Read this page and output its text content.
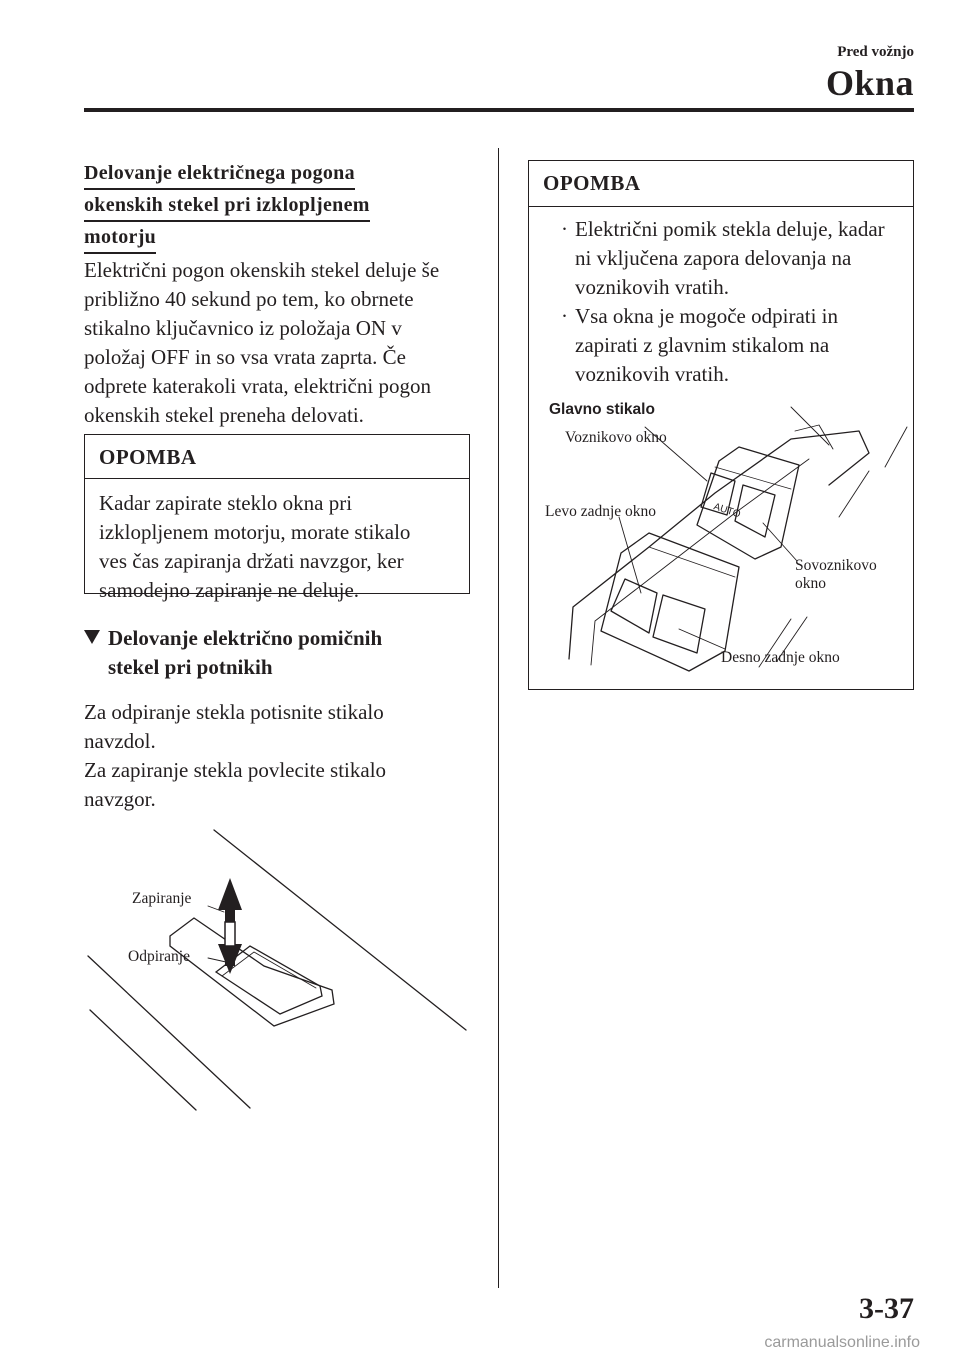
Pred vožnjo
Okna
Delovanje električnega pogona
okenskih stekel pri izklopljenem
motorju
Električni pogon okenskih stekel deluje še
približno 40 sekund po tem, ko obrnete
stikalno ključavnico iz položaja ON v
položaj OFF in so vsa vrata zaprta. Če
odprete katerakoli vrata, električni pogon
okenskih stekel preneha delovati.
OPOMBA
Kadar zapirate steklo okna pri
izklopljenem motorju, morate stikalo
ves čas zapiranja držati navzgor, ker
samodejno zapiranje ne deluje.
Delovanje električno pomičnih
stekel pri potnikih
Za odpiranje stekla potisnite stikalo
navzdol.
Za zapiranje stekla povlecite stikalo
navzgor.
Zapiranje
Odpiranje
OPOMBA
· Električni pomik stekla deluje, kadar
ni vključena zapora delovanja na
voznikovih vratih.
· Vsa okna je mogoče odpirati in
zapirati z glavnim stikalom na
voznikovih vratih.
Glavno stikalo
AUTO
Voznikovo okno
Levo zadnje okno
Sovoznikovo
okno
Desno zadnje okno
3-37
carmanualsonline.info
